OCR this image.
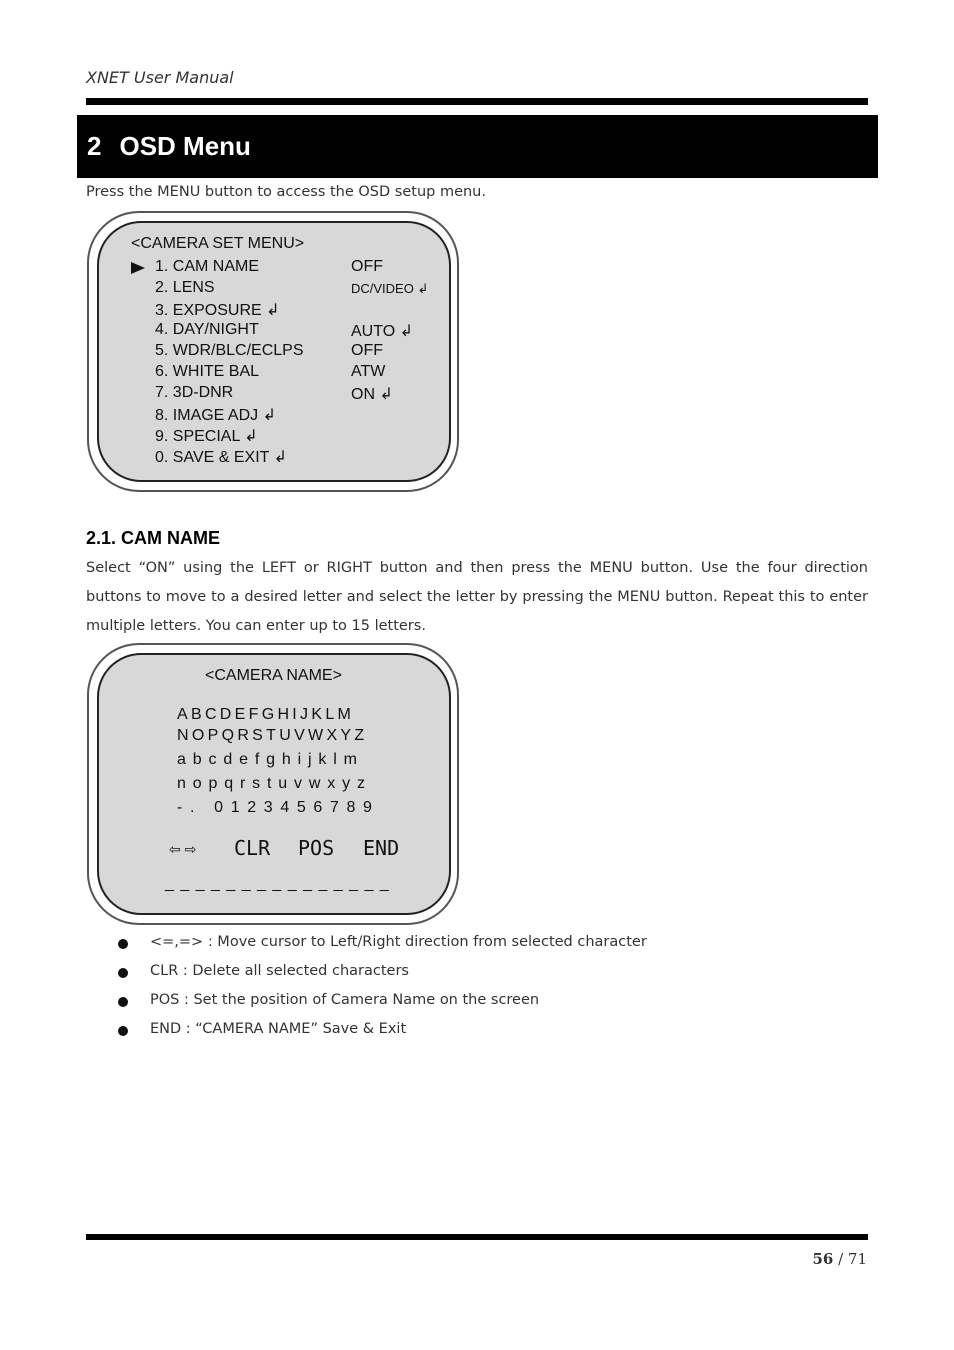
XNET User Manual
2 OSD Menu
Press the MENU button to access the OSD setup menu.
<CAMERA SET MENU>
1. CAM NAME	OFF
2. LENS	DC/VIDEO ↲
3. EXPOSURE ↲
4. DAY/NIGHT	AUTO ↲
5. WDR/BLC/ECLPS	OFF
6. WHITE BAL	ATW
7. 3D-DNR	ON ↲
8. IMAGE ADJ ↲
9. SPECIAL ↲
0. SAVE & EXIT ↲
2.1. CAM NAME
Select “ON” using the LEFT or RIGHT button and then press the MENU button. Use the four direction buttons to move to a desired letter and select the letter by pressing the MENU button. Repeat this to enter multiple letters. You can enter up to 15 letters.
<CAMERA NAME>
ABCDEFGHIJKLM
NOPQRSTUVWXYZ
a b c d e f g h i j k l m
n o p q r s t u v w x y z
- .   0 1 2 3 4 5 6 7 8 9
⇦ ⇨ CLR POS END
_ _ _ _ _ _ _ _ _ _ _ _ _ _ _
<=,=> : Move cursor to Left/Right direction from selected character
CLR : Delete all selected characters
POS : Set the position of Camera Name on the screen
END : “CAMERA NAME” Save & Exit
56 / 71
